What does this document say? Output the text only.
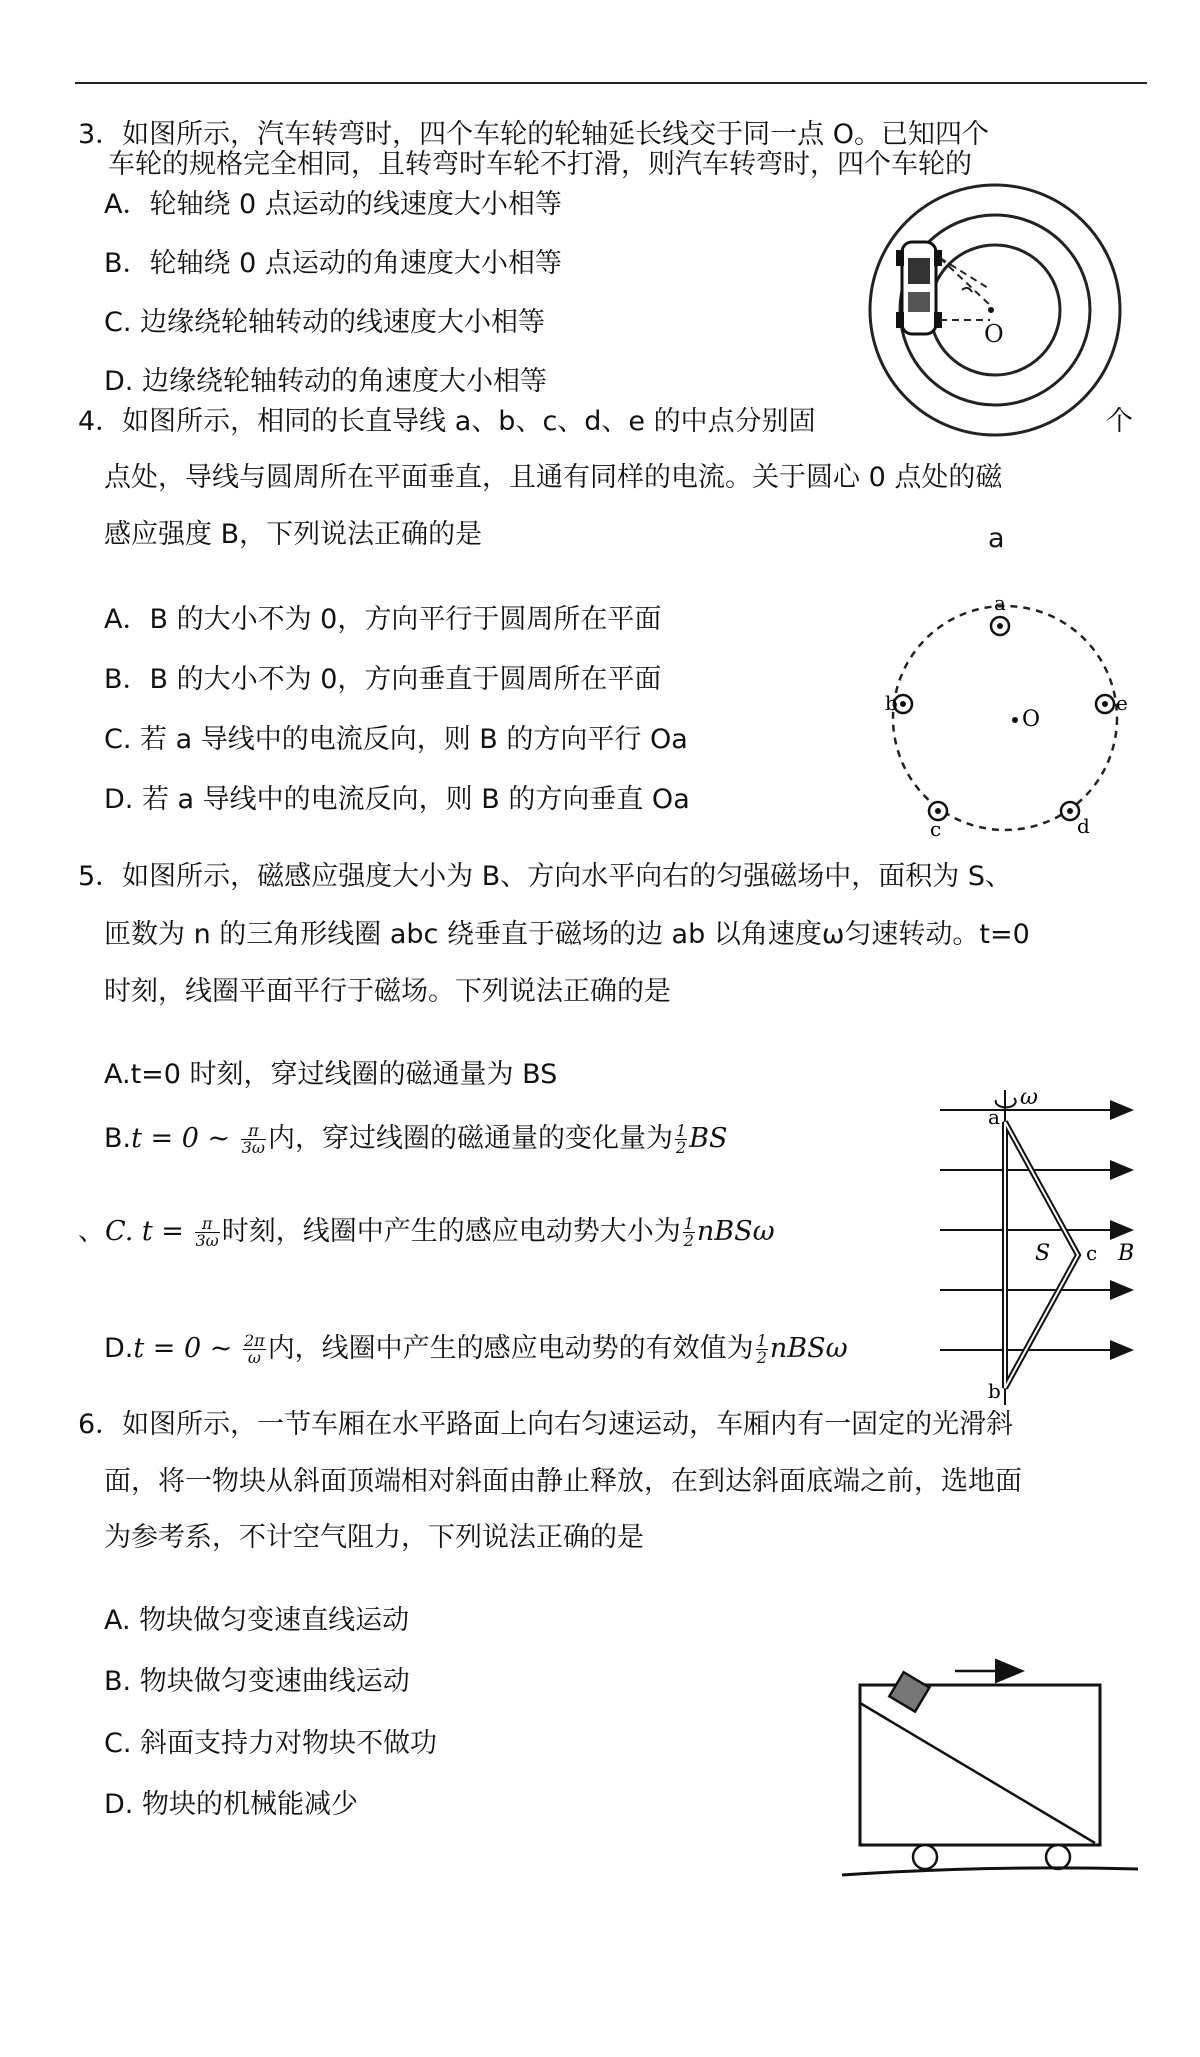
3．如图所示，汽车转弯时，四个车轮的轮轴延长线交于同一点 O。已知四个
车轮的规格完全相同，且转弯时车轮不打滑，则汽车转弯时，四个车轮的
A．轮轴绕 0 点运动的线速度大小相等
B．轮轴绕 0 点运动的角速度大小相等
C. 边缘绕轮轴转动的线速度大小相等
D. 边缘绕轮轴转动的角速度大小相等
O
4．如图所示，相同的长直导线 a、b、c、d、e 的中点分别固	个
点处，导线与圆周所在平面垂直，且通有同样的电流。关于圆心 0 点处的磁
感应强度 B，下列说法正确的是	a
A．B 的大小不为 0，方向平行于圆周所在平面
B．B 的大小不为 0，方向垂直于圆周所在平面
C. 若 a 导线中的电流反向，则 B 的方向平行 Oa
D. 若 a 导线中的电流反向，则 B 的方向垂直 Oa
a
b	e
c	d
O
5．如图所示，磁感应强度大小为 B、方向水平向右的匀强磁场中，面积为 S、
匝数为 n 的三角形线圈 abc 绕垂直于磁场的边 ab 以角速度ω匀速转动。t=0
时刻，线圈平面平行于磁场。下列说法正确的是
A.t=0 时刻，穿过线圈的磁通量为 BS
B.t = 0 ~ $\frac{\pi}{3\omega}$ 内，穿过线圈的磁通量的变化量为 $\frac{1}{2}$ BS
、C. $t = \frac{\pi}{3\omega}$ 时刻，线圈中产生的感应电动势大小为 $\frac{1}{2}$ nBSω
D.t = 0 ~ $\frac{2\pi}{\omega}$ 内，线圈中产生的感应电动势的有效值为 $\frac{1}{2}$ nBSω
ω
a
b
c
S	B
6．如图所示，一节车厢在水平路面上向右匀速运动，车厢内有一固定的光滑斜
面，将一物块从斜面顶端相对斜面由静止释放，在到达斜面底端之前，选地面
为参考系，不计空气阻力，下列说法正确的是
A. 物块做匀变速直线运动
B. 物块做匀变速曲线运动
C. 斜面支持力对物块不做功
D. 物块的机械能减少
